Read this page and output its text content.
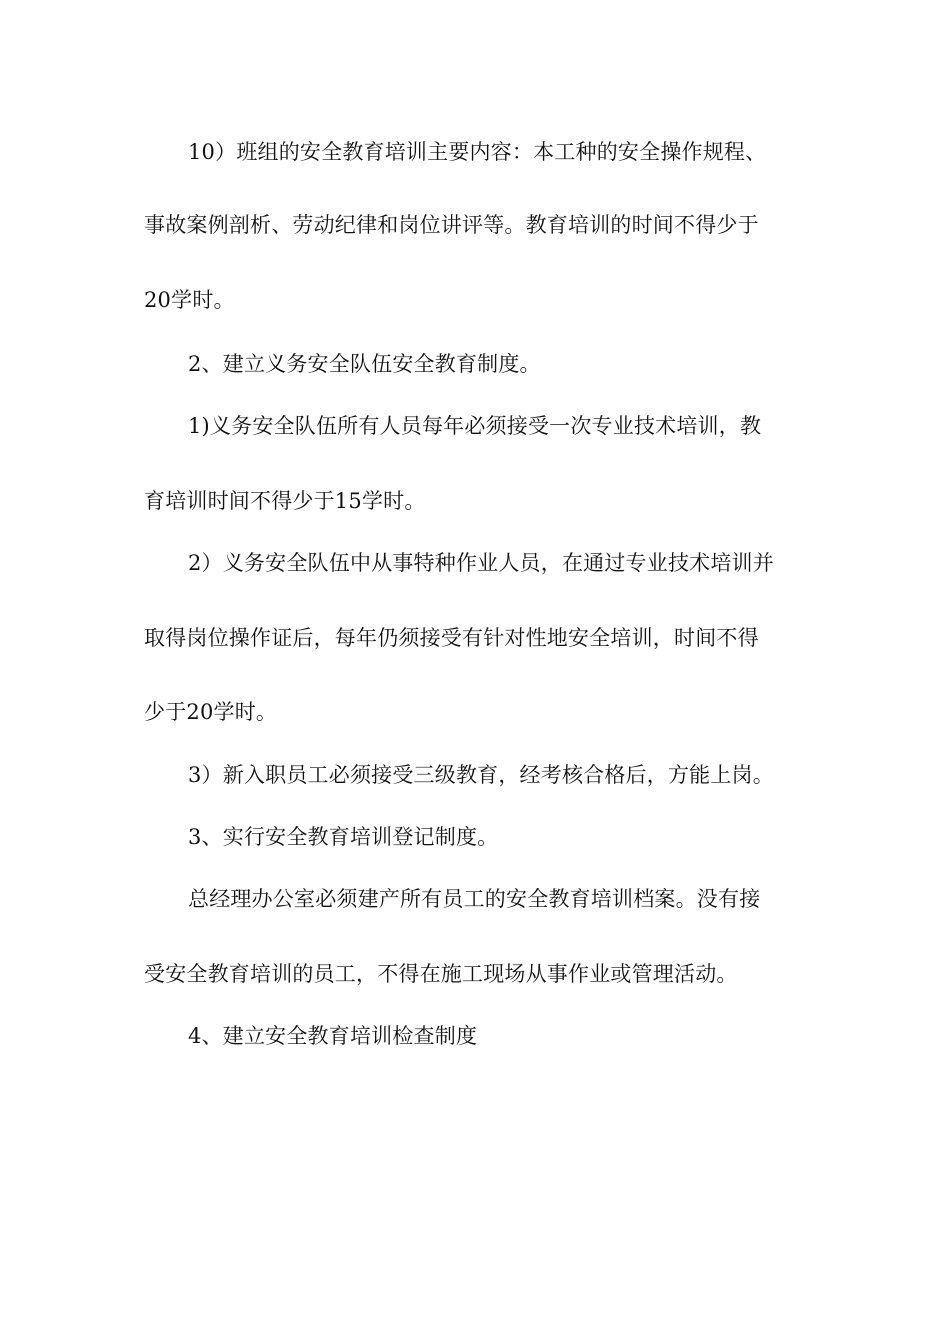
10）班组的安全教育培训主要内容：本工种的安全操作规程、
事故案例剖析、劳动纪律和岗位讲评等。教育培训的时间不得少于
20学时。
2、建立义务安全队伍安全教育制度。
1)义务安全队伍所有人员每年必须接受一次专业技术培训，教
育培训时间不得少于15学时。
2）义务安全队伍中从事特种作业人员，在通过专业技术培训并
取得岗位操作证后，每年仍须接受有针对性地安全培训，时间不得
少于20学时。
3）新入职员工必须接受三级教育，经考核合格后，方能上岗。
3、实行安全教育培训登记制度。
总经理办公室必须建产所有员工的安全教育培训档案。没有接
受安全教育培训的员工，不得在施工现场从事作业或管理活动。
4、建立安全教育培训检查制度
